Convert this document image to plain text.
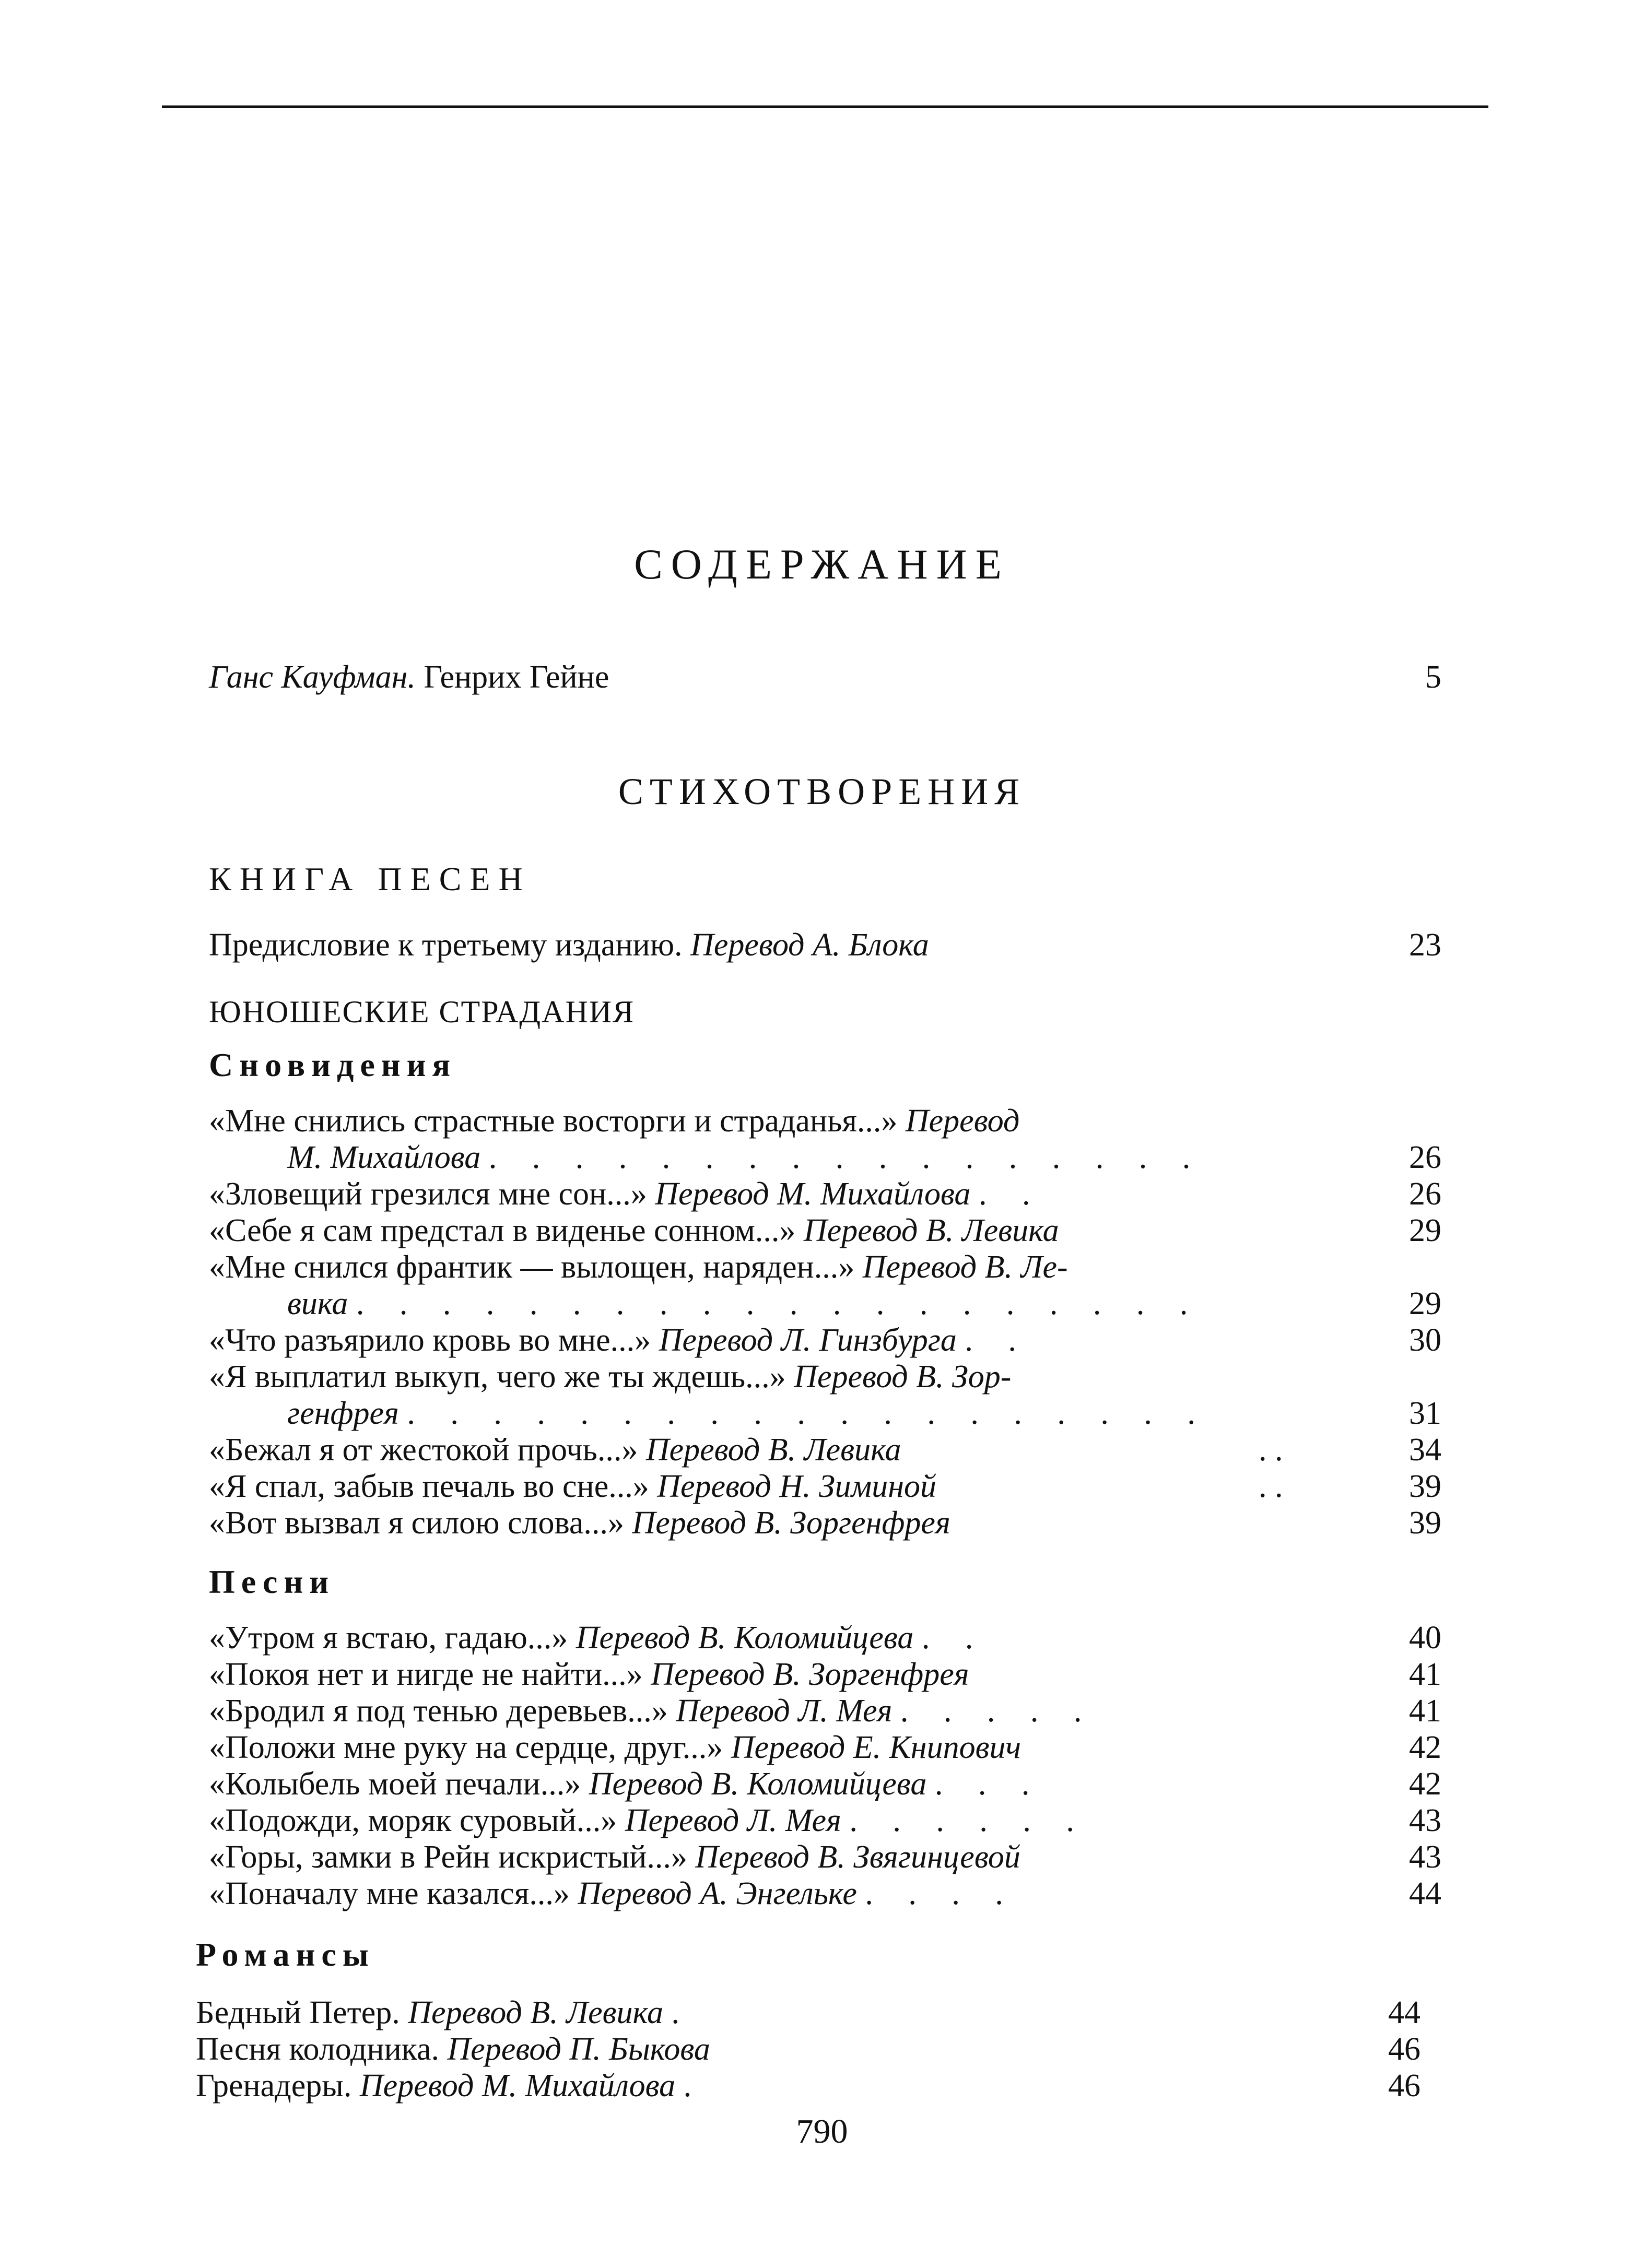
СОДЕРЖАНИЕ
Ганс Кауфман. Генрих Гейне	5
СТИХОТВОРЕНИЯ
КНИГА ПЕСЕН
Предисловие к третьему изданию. Перевод А. Блока	23
ЮНОШЕСКИЕ СТРАДАНИЯ
Сновидения
«Мне снились страстные восторги и страданья...» Перевод
М. Михайлова . . . . . . . . . . . . . . . . .	26
«Зловещий грезился мне сон...» Перевод М. Михайлова . .	26
«Себе я сам предстал в виденье сонном...» Перевод В. Левика	29
«Мне снился франтик — вылощен, наряден...» Перевод В. Ле-
вика . . . . . . . . . . . . . . . . . . . .	29
«Что разъярило кровь во мне...» Перевод Л. Гинзбурга . .	30
«Я выплатил выкуп, чего же ты ждешь...» Перевод В. Зор-
генфрея . . . . . . . . . . . . . . . . . . .	31
«Бежал я от жестокой прочь...» Перевод В. Левика	. .	34
«Я спал, забыв печаль во сне...» Перевод Н. Зиминой	. .	39
«Вот вызвал я силою слова...» Перевод В. Зоргенфрея	39
Песни
«Утром я встаю, гадаю...» Перевод В. Коломийцева . .	40
«Покоя нет и нигде не найти...» Перевод В. Зоргенфрея	41
«Бродил я под тенью деревьев...» Перевод Л. Мея . . . . .	41
«Положи мне руку на сердце, друг...» Перевод Е. Книпович	42
«Колыбель моей печали...» Перевод В. Коломийцева . . .	42
«Подожди, моряк суровый...» Перевод Л. Мея . . . . . .	43
«Горы, замки в Рейн искристый...» Перевод В. Звягинцевой	43
«Поначалу мне казался...» Перевод А. Энгельке . . . .	44
Романсы
Бедный Петер. Перевод В. Левика .	44
Песня колодника. Перевод П. Быкова	46
Гренадеры. Перевод М. Михайлова .	46
790
